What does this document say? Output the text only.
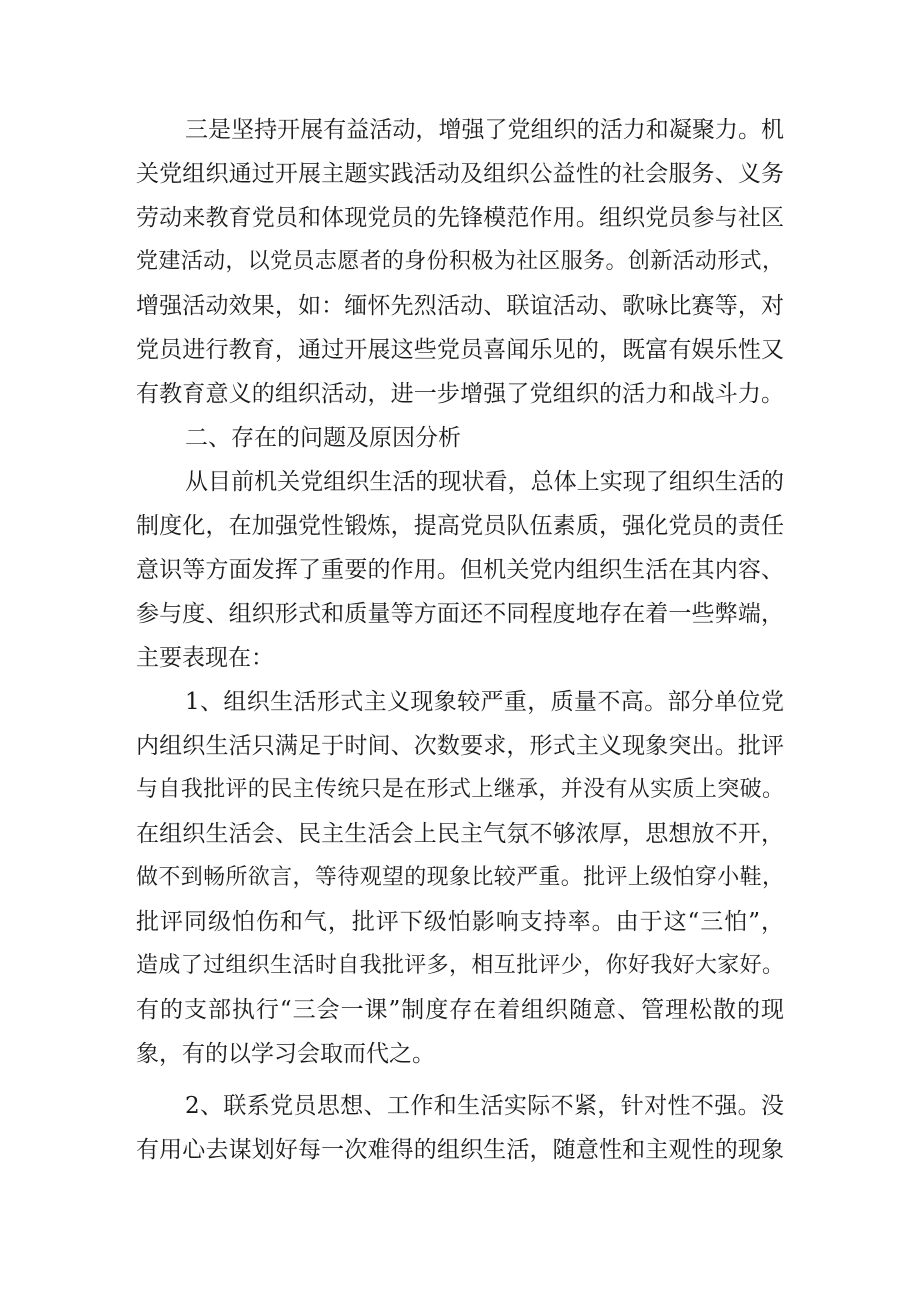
三是坚持开展有益活动，增强了党组织的活力和凝聚力。机
关党组织通过开展主题实践活动及组织公益性的社会服务、义务
劳动来教育党员和体现党员的先锋模范作用。组织党员参与社区
党建活动，以党员志愿者的身份积极为社区服务。创新活动形式，
增强活动效果，如：缅怀先烈活动、联谊活动、歌咏比赛等，对
党员进行教育，通过开展这些党员喜闻乐见的，既富有娱乐性又
有教育意义的组织活动，进一步增强了党组织的活力和战斗力。
二、存在的问题及原因分析
从目前机关党组织生活的现状看，总体上实现了组织生活的
制度化，在加强党性锻炼，提高党员队伍素质，强化党员的责任
意识等方面发挥了重要的作用。但机关党内组织生活在其内容、
参与度、组织形式和质量等方面还不同程度地存在着一些弊端，
主要表现在：
1、组织生活形式主义现象较严重，质量不高。部分单位党
内组织生活只满足于时间、次数要求，形式主义现象突出。批评
与自我批评的民主传统只是在形式上继承，并没有从实质上突破。
在组织生活会、民主生活会上民主气氛不够浓厚，思想放不开，
做不到畅所欲言，等待观望的现象比较严重。批评上级怕穿小鞋，
批评同级怕伤和气，批评下级怕影响支持率。由于这“三怕”，
造成了过组织生活时自我批评多，相互批评少，你好我好大家好。
有的支部执行“三会一课”制度存在着组织随意、管理松散的现
象，有的以学习会取而代之。
2、联系党员思想、工作和生活实际不紧，针对性不强。没
有用心去谋划好每一次难得的组织生活，随意性和主观性的现象
